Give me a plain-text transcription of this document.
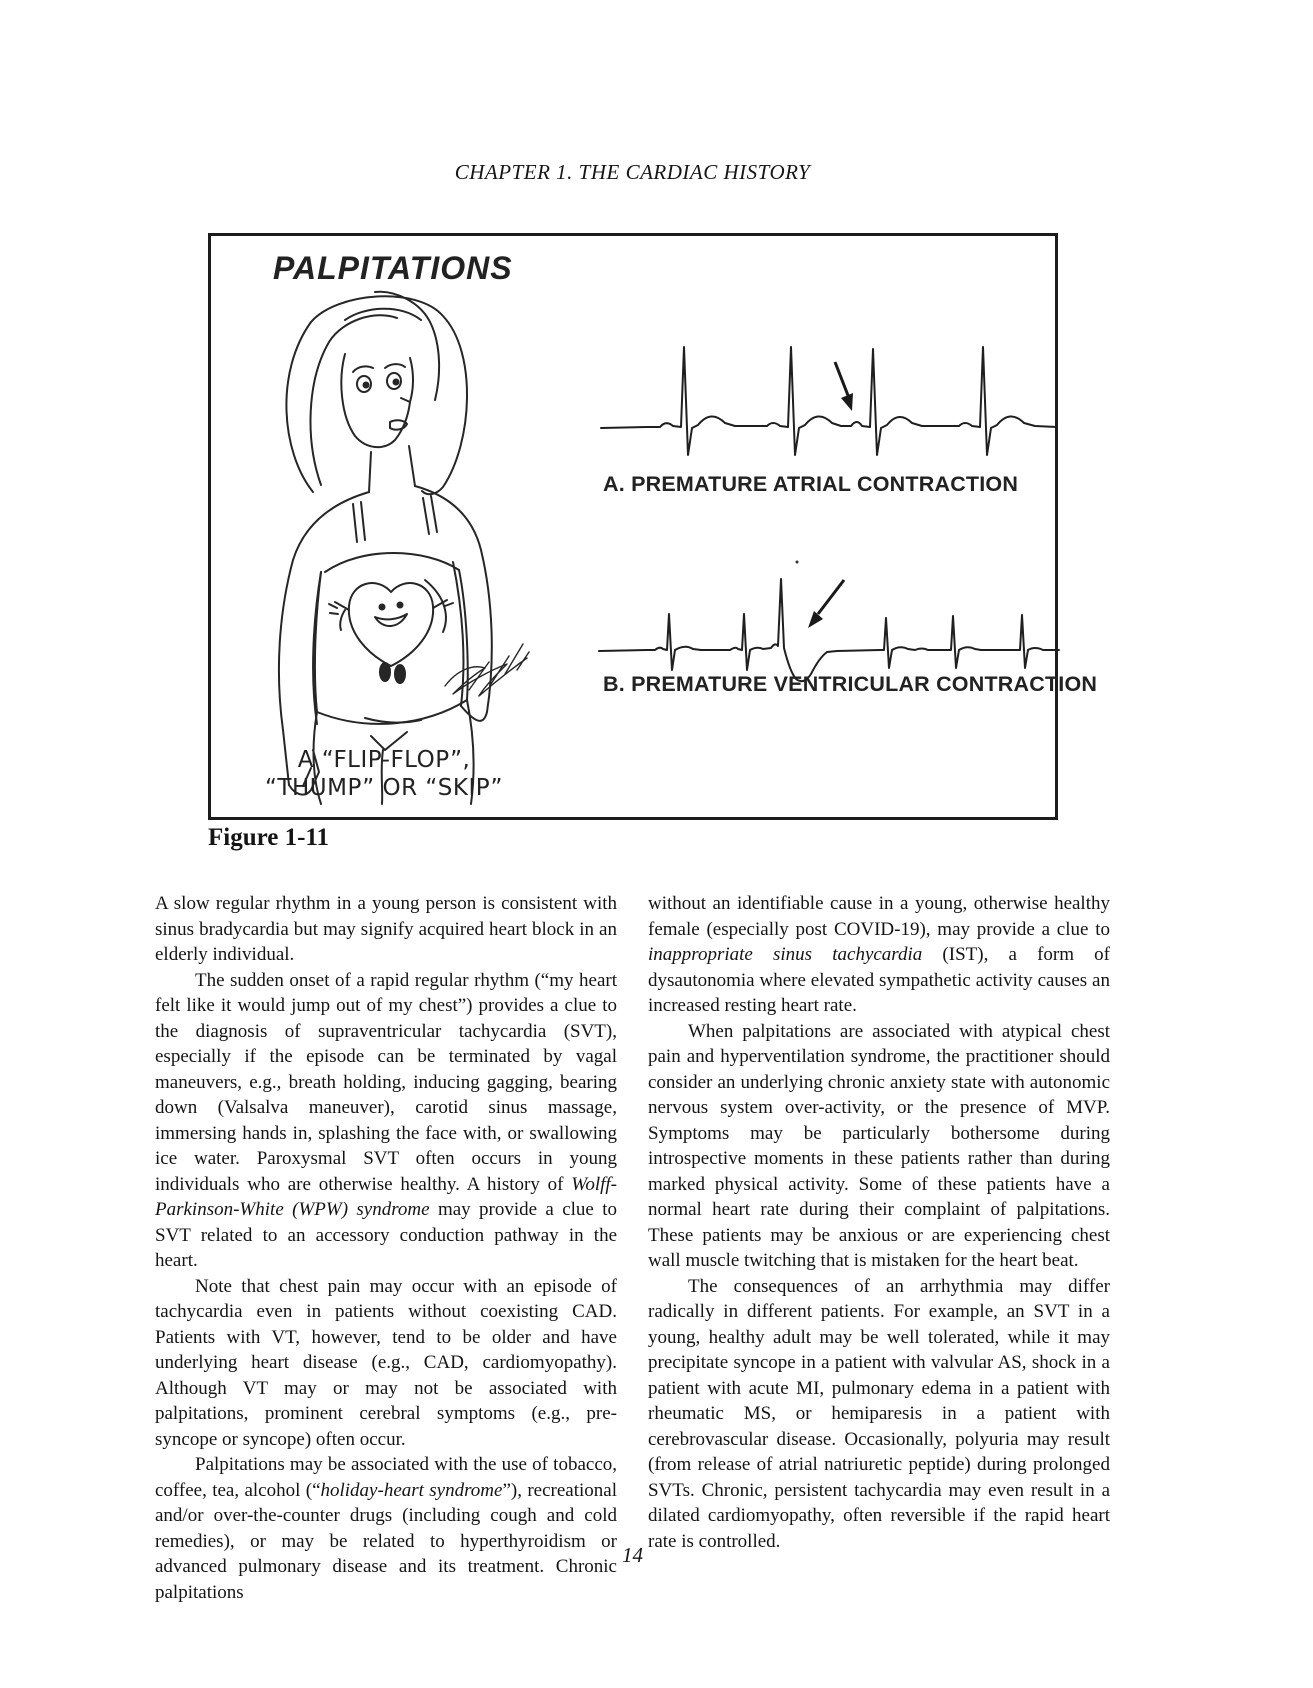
CHAPTER 1. THE CARDIAC HISTORY
PALPITATIONS
A. PREMATURE ATRIAL CONTRACTION
B. PREMATURE VENTRICULAR CONTRACTION
A “FLIP-FLOP”,
“THUMP” OR “SKIP”
Figure 1-11

A slow regular rhythm in a young person is consistent with sinus bradycardia but may signify acquired heart block in an elderly individual.

The sudden onset of a rapid regular rhythm (“my heart felt like it would jump out of my chest”) provides a clue to the diagnosis of supraventricular tachycardia (SVT), especially if the episode can be terminated by vagal maneuvers, e.g., breath holding, inducing gagging, bearing down (Valsalva maneuver), carotid sinus massage, immersing hands in, splashing the face with, or swallowing ice water. Paroxysmal SVT often occurs in young individuals who are otherwise healthy. A history of Wolff-Parkinson-White (WPW) syndrome may provide a clue to SVT related to an accessory conduction pathway in the heart.

Note that chest pain may occur with an episode of tachycardia even in patients without coexisting CAD. Patients with VT, however, tend to be older and have underlying heart disease (e.g., CAD, cardiomyopathy). Although VT may or may not be associated with palpitations, prominent cerebral symptoms (e.g., pre-syncope or syncope) often occur.

Palpitations may be associated with the use of tobacco, coffee, tea, alcohol (“holiday-heart syndrome”), recreational and/or over-the-counter drugs (including cough and cold remedies), or may be related to hyperthyroidism or advanced pulmonary disease and its treatment. Chronic palpitations

without an identifiable cause in a young, otherwise healthy female (especially post COVID-19), may provide a clue to inappropriate sinus tachycardia (IST), a form of dysautonomia where elevated sympathetic activity causes an increased resting heart rate.

When palpitations are associated with atypical chest pain and hyperventilation syndrome, the practitioner should consider an underlying chronic anxiety state with autonomic nervous system over-activity, or the presence of MVP. Symptoms may be particularly bothersome during introspective moments in these patients rather than during marked physical activity. Some of these patients have a normal heart rate during their complaint of palpitations. These patients may be anxious or are experiencing chest wall muscle twitching that is mistaken for the heart beat.

The consequences of an arrhythmia may differ radically in different patients. For example, an SVT in a young, healthy adult may be well tolerated, while it may precipitate syncope in a patient with valvular AS, shock in a patient with acute MI, pulmonary edema in a patient with rheumatic MS, or hemiparesis in a patient with cerebrovascular disease. Occasionally, polyuria may result (from release of atrial natriuretic peptide) during prolonged SVTs. Chronic, persistent tachycardia may even result in a dilated cardiomyopathy, often reversible if the rapid heart rate is controlled.

14
